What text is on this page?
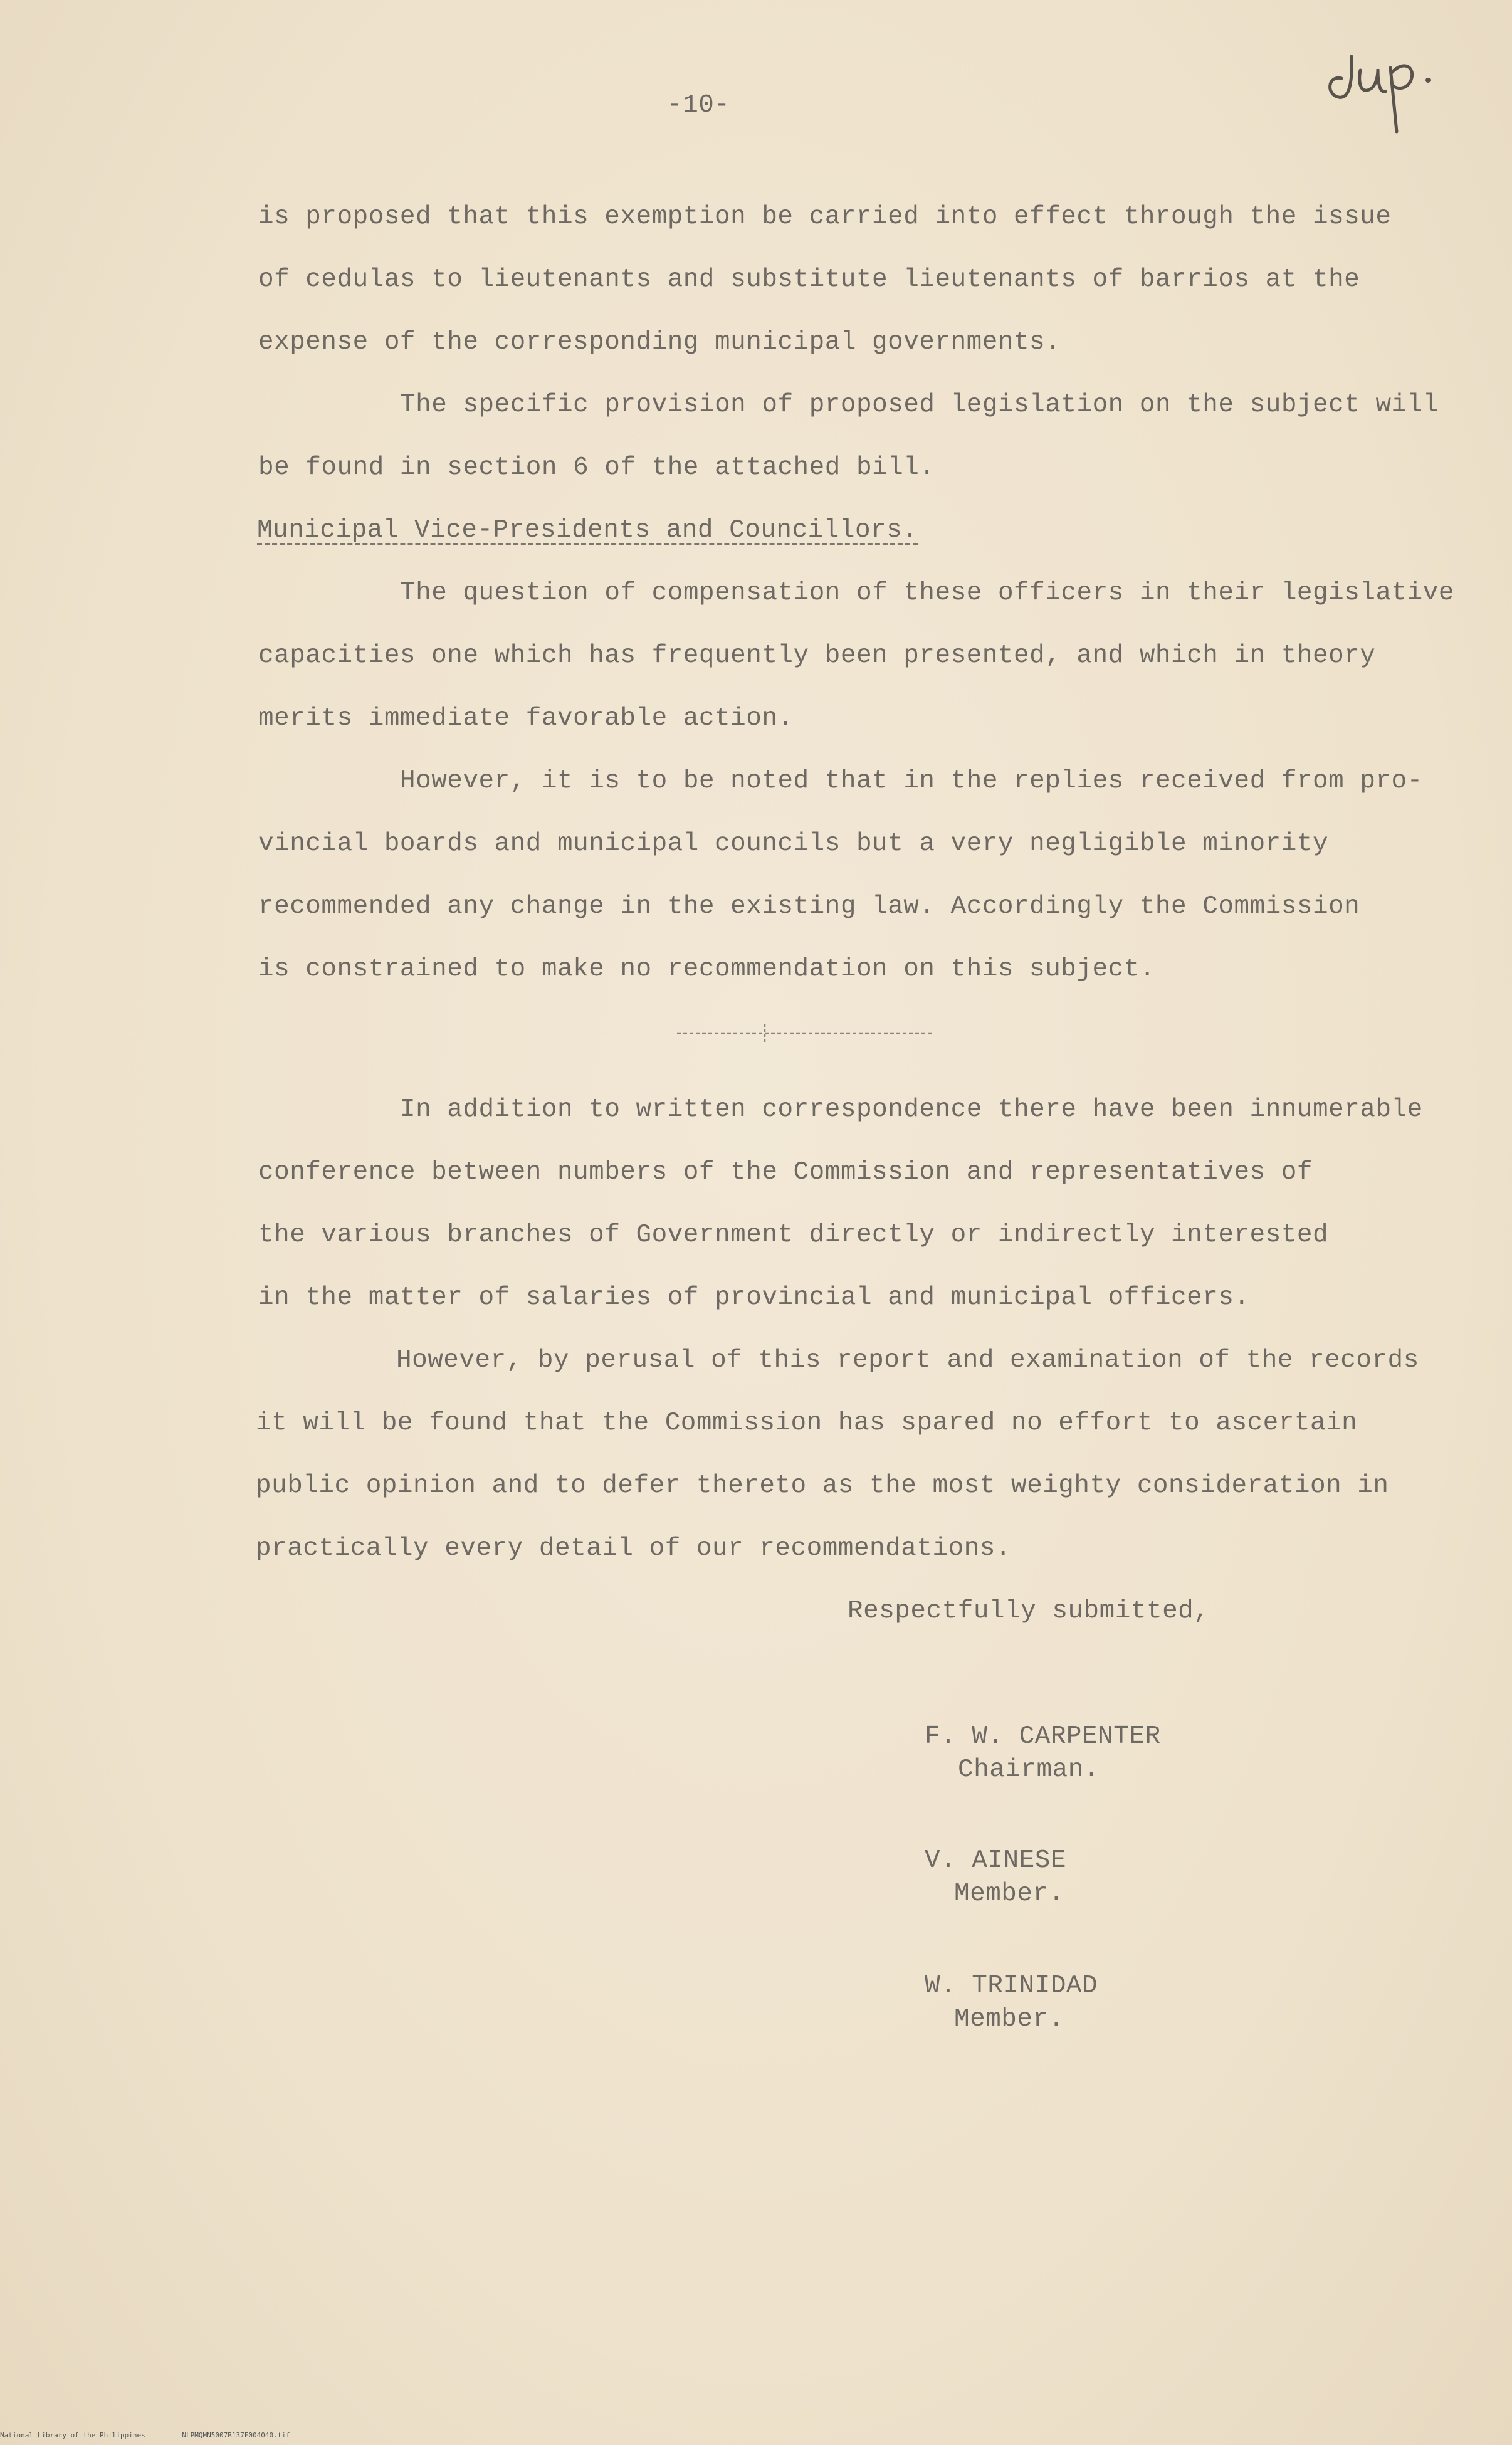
-10-
is proposed that this exemption be carried into effect through the issue
of cedulas to lieutenants and substitute lieutenants of barrios at the
expense of the corresponding municipal governments.
The specific provision of proposed legislation on the subject will
be found in section 6 of the attached bill.
Municipal Vice-Presidents and Councillors.
The question of compensation of these officers in their legislative
capacities one which has frequently been presented, and which in theory
merits immediate favorable action.
However, it is to be noted that in the replies received from pro-
vincial boards and municipal councils but a very negligible minority
recommended any change in the existing law. Accordingly the Commission
is constrained to make no recommendation on this subject.
In addition to written correspondence there have been innumerable
conference between numbers of the Commission and representatives of
the various branches of Government directly or indirectly interested
in the matter of salaries of provincial and municipal officers.
However, by perusal of this report and examination of the records
it will be found that the Commission has spared no effort to ascertain
public opinion and to defer thereto as the most weighty consideration in
practically every detail of our recommendations.
Respectfully submitted,
F. W. CARPENTER
Chairman.
V. AINESE
Member.
W. TRINIDAD
Member.
National Library of the Philippines	NLPMQMN5007B137F004040.tif
